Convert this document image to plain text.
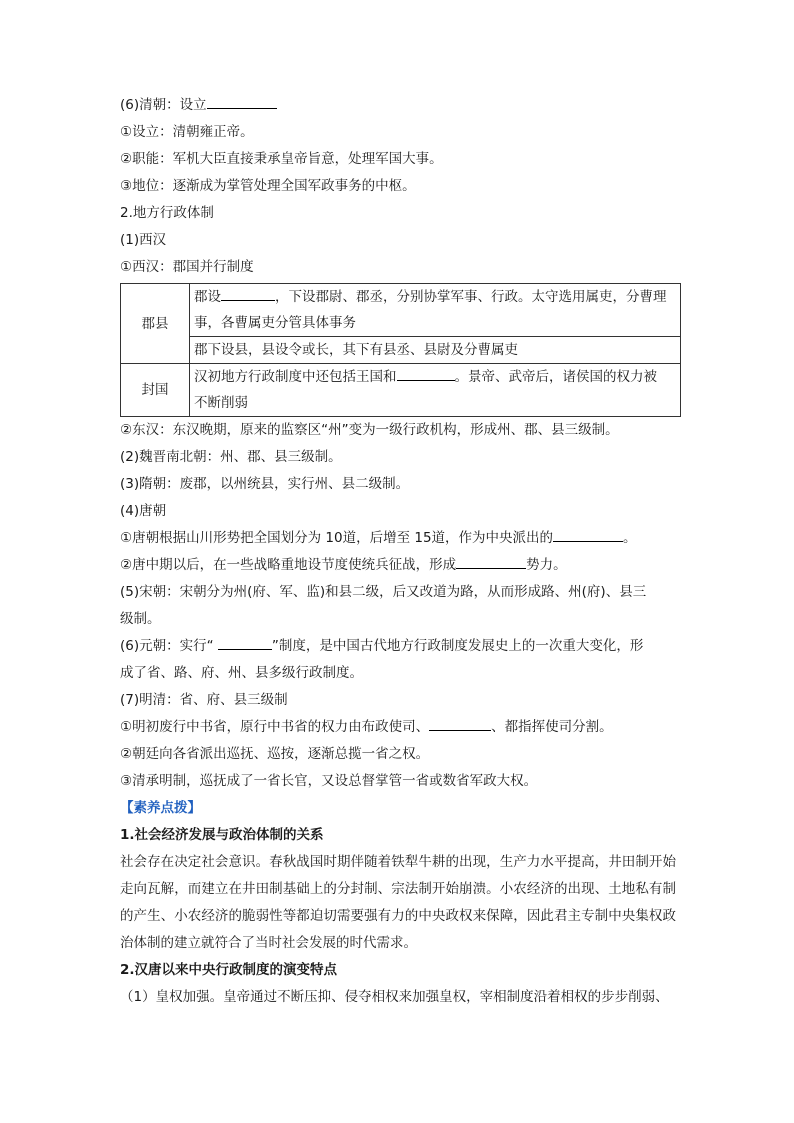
(6)清朝：设立
①设立：清朝雍正帝。
②职能：军机大臣直接秉承皇帝旨意，处理军国大事。
③地位：逐渐成为掌管处理全国军政事务的中枢。
2.地方行政体制
(1)西汉
①西汉：郡国并行制度
郡县	郡设 ，下设郡尉、郡丞，分别协掌军事、行政。太守选用属吏，分曹理
事，各曹属吏分管具体事务
	郡下设县，县设令或长，其下有县丞、县尉及分曹属吏
封国	汉初地方行政制度中还包括王国和 。景帝、武帝后，诸侯国的权力被
不断削弱
②东汉：东汉晚期，原来的监察区“州”变为一级行政机构，形成州、郡、县三级制。
(2)魏晋南北朝：州、郡、县三级制。
(3)隋朝：废郡，以州统县，实行州、县二级制。
(4)唐朝
①唐朝根据山川形势把全国划分为 10道，后增至 15道，作为中央派出的	。
②唐中期以后，在一些战略重地设节度使统兵征战，形成	势力。
(5)宋朝：宋朝分为州(府、军、监)和县二级，后又改道为路，从而形成路、州(府)、县三
级制。
(6)元朝：实行“	”制度，是中国古代地方行政制度发展史上的一次重大变化，形
成了省、路、府、州、县多级行政制度。
(7)明清：省、府、县三级制
①明初废行中书省，原行中书省的权力由布政使司、	、都指挥使司分割。
②朝廷向各省派出巡抚、巡按，逐渐总揽一省之权。
③清承明制，巡抚成了一省长官，又设总督掌管一省或数省军政大权。
【素养点拨】
1.社会经济发展与政治体制的关系
社会存在决定社会意识。春秋战国时期伴随着铁犁牛耕的出现，生产力水平提高，井田制开始走向瓦解，而建立在井田制基础上的分封制、宗法制开始崩溃。小农经济的出现、土地私有制的产生、小农经济的脆弱性等都迫切需要强有力的中央政权来保障，因此君主专制中央集权政治体制的建立就符合了当时社会发展的时代需求。
2.汉唐以来中央行政制度的演变特点
（1）皇权加强。皇帝通过不断压抑、侵夺相权来加强皇权，宰相制度沿着相权的步步削弱、
